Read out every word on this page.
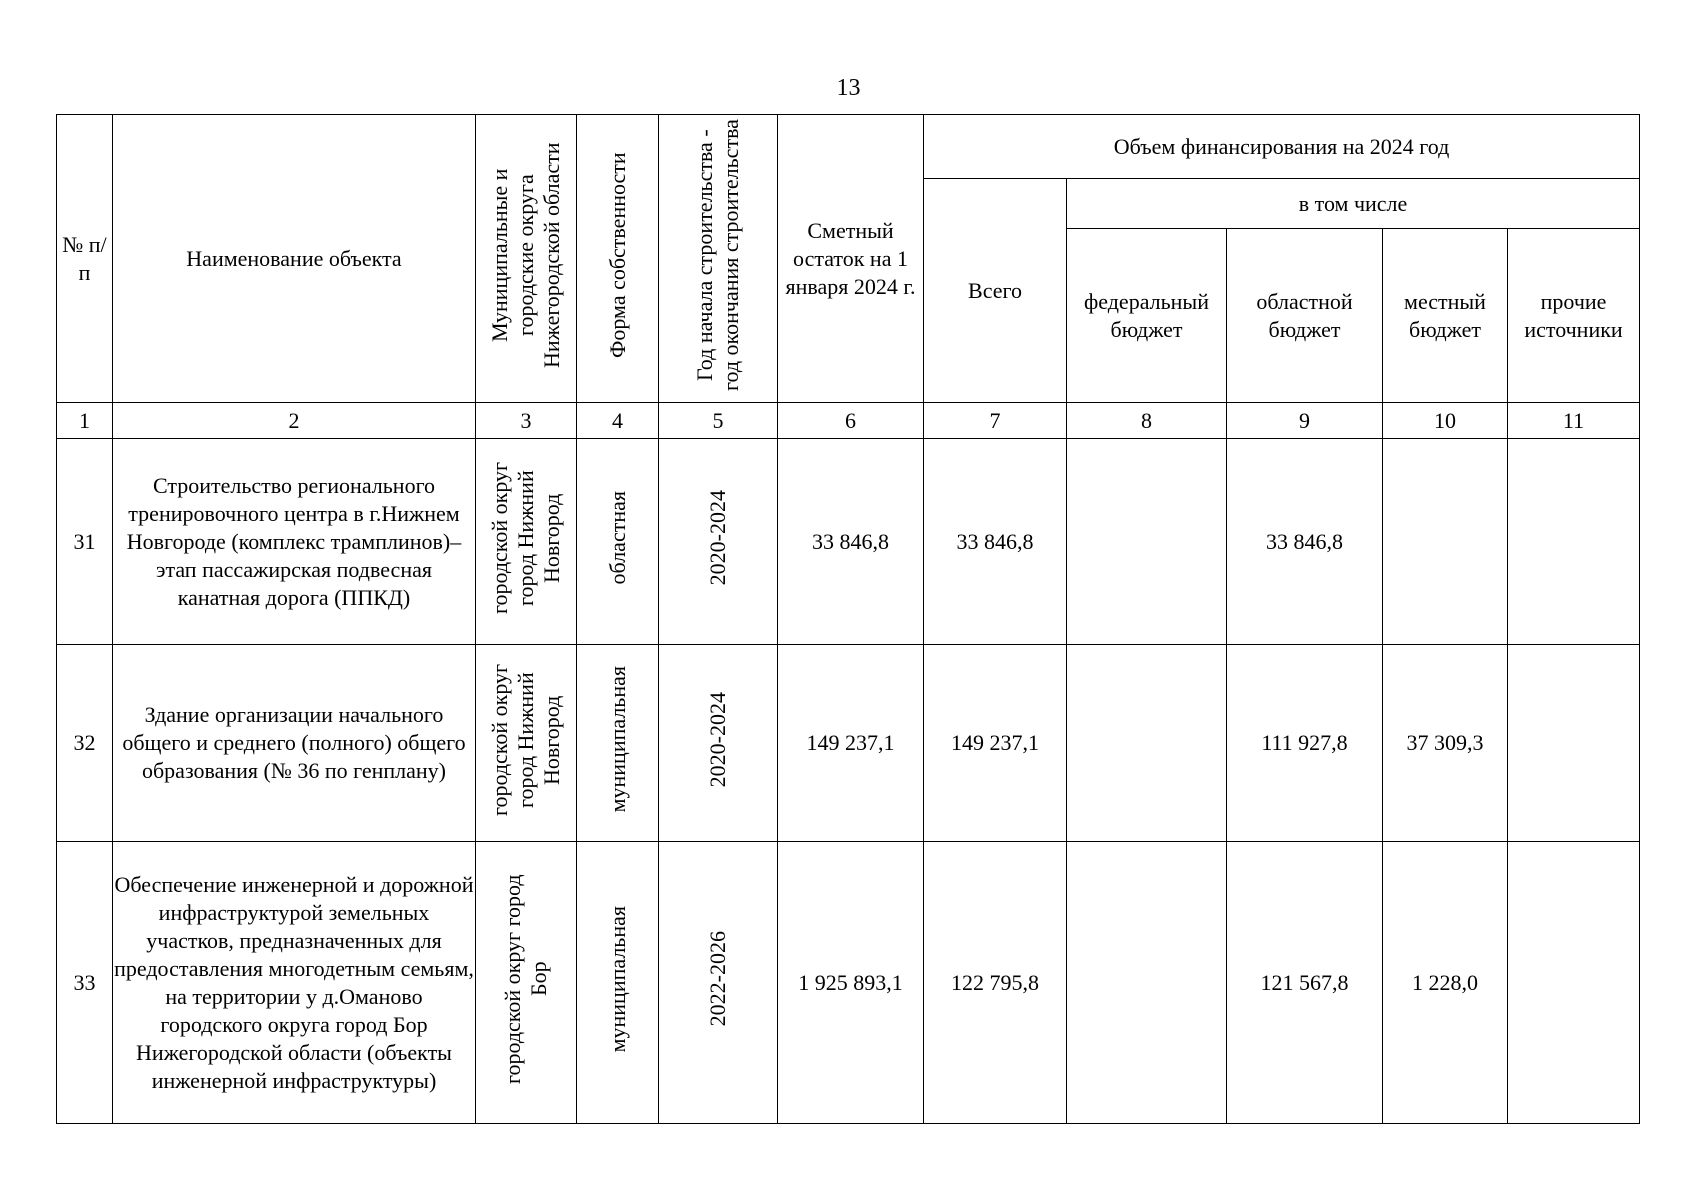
13
№ п/п	Наименование объекта	Муниципальные и городские округа Нижегородской области	Форма собственности	Год начала строительства - год окончания строительства	Сметный остаток на 1 января 2024 г.	Объем финансирования на 2024 год				

						Всего	в том числе			

							федеральный бюджет	областной бюджет	местный бюджет	прочие источники

1	2	3	4	5	6	7	8	9	10	11
31	Строительство регионального тренировочного центра в г.Нижнем Новгороде (комплекс трамплинов)–этап пассажирская подвесная канатная дорога (ППКД)	городской округ город Нижний Новгород	областная	2020-2024	33 846,8	33 846,8		33 846,8		
32	Здание организации начального общего и среднего (полного) общего образования (№ 36 по генплану)	городской округ город Нижний Новгород	муниципальная	2020-2024	149 237,1	149 237,1		111 927,8	37 309,3	
33	Обеспечение инженерной и дорожной инфраструктурой земельных участков, предназначенных для предоставления многодетным семьям, на территории у д.Оманово городского округа город Бор Нижегородской области (объекты инженерной инфраструктуры)	городской округ город Бор	муниципальная	2022-2026	1 925 893,1	122 795,8		121 567,8	1 228,0	
